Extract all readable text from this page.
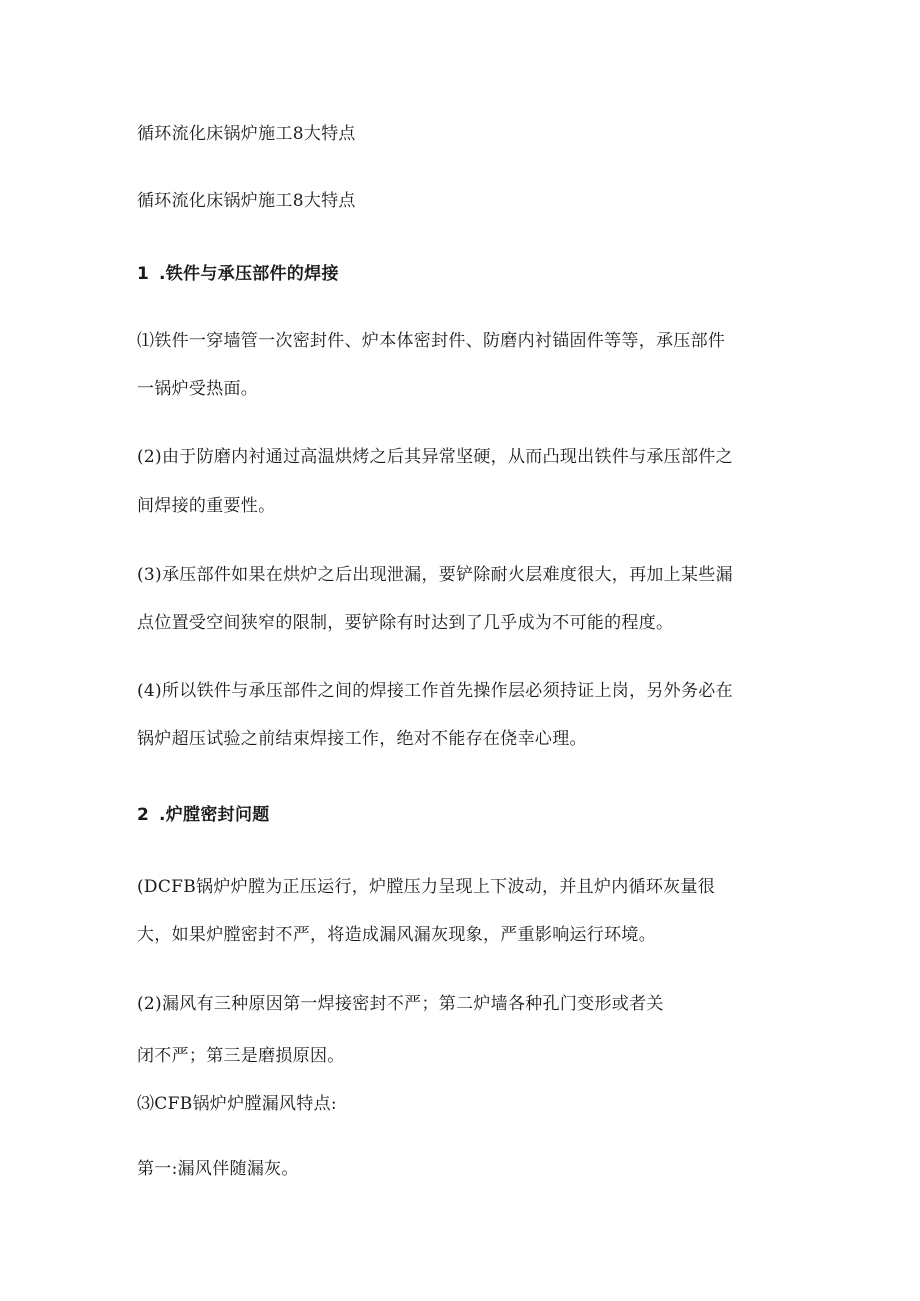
循环流化床锅炉施工8大特点
循环流化床锅炉施工8大特点
1 .铁件与承压部件的焊接
⑴铁件一穿墙管一次密封件、炉本体密封件、防磨内衬锚固件等等，承压部件
一锅炉受热面。
(2)由于防磨内衬通过高温烘烤之后其异常坚硬，从而凸现出铁件与承压部件之
间焊接的重要性。
(3)承压部件如果在烘炉之后出现泄漏，要铲除耐火层难度很大，再加上某些漏
点位置受空间狭窄的限制，要铲除有时达到了几乎成为不可能的程度。
(4)所以铁件与承压部件之间的焊接工作首先操作层必须持证上岗，另外务必在
锅炉超压试验之前结束焊接工作，绝对不能存在侥幸心理。
2 .炉膛密封问题
(DCFB锅炉炉膛为正压运行，炉膛压力呈现上下波动，并且炉内循环灰量很
大，如果炉膛密封不严，将造成漏风漏灰现象，严重影响运行环境。
(2)漏风有三种原因第一焊接密封不严；第二炉墙各种孔门变形或者关
闭不严；第三是磨损原因。
⑶CFB锅炉炉膛漏风特点:
第一:漏风伴随漏灰。
